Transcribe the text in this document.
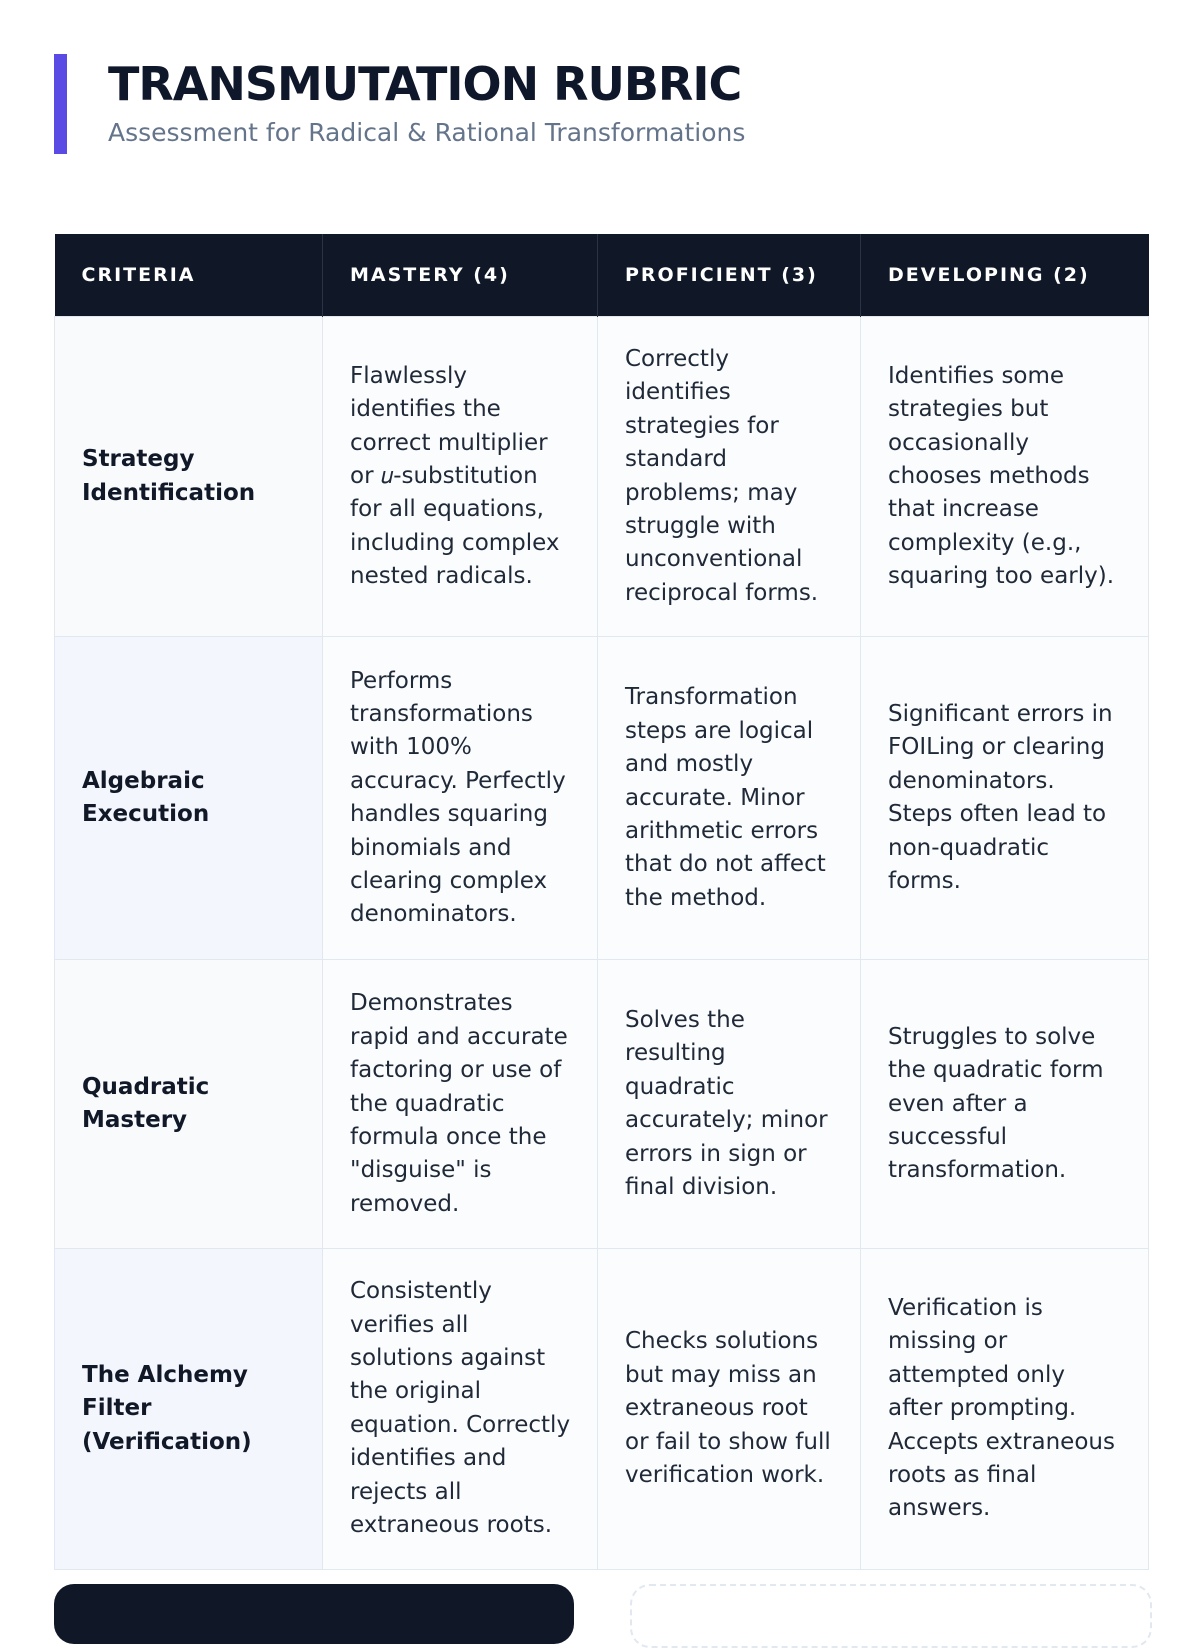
TRANSMUTATION RUBRIC
Assessment for Radical & Rational Transformations
CRITERIA	MASTERY (4)	PROFICIENT (3)	DEVELOPING (2)
Strategy Identification	Flawlessly identifies the correct multiplier or 𝑢-substitution for all equations, including complex nested radicals.	Correctly identifies strategies for standard problems; may struggle with unconventional reciprocal forms.	Identifies some strategies but occasionally chooses methods that increase complexity (e.g., squaring too early).
Algebraic Execution	Performs transformations with 100% accuracy. Perfectly handles squaring binomials and clearing complex denominators.	Transformation steps are logical and mostly accurate. Minor arithmetic errors that do not affect the method.	Significant errors in FOILing or clearing denominators. Steps often lead to non-quadratic forms.
Quadratic Mastery	Demonstrates rapid and accurate factoring or use of the quadratic formula once the "disguise" is removed.	Solves the resulting quadratic accurately; minor errors in sign or final division.	Struggles to solve the quadratic form even after a successful transformation.
The Alchemy Filter (Verification)	Consistently verifies all solutions against the original equation. Correctly identifies and rejects all extraneous roots.	Checks solutions but may miss an extraneous root or fail to show full verification work.	Verification is missing or attempted only after prompting. Accepts extraneous roots as final answers.
